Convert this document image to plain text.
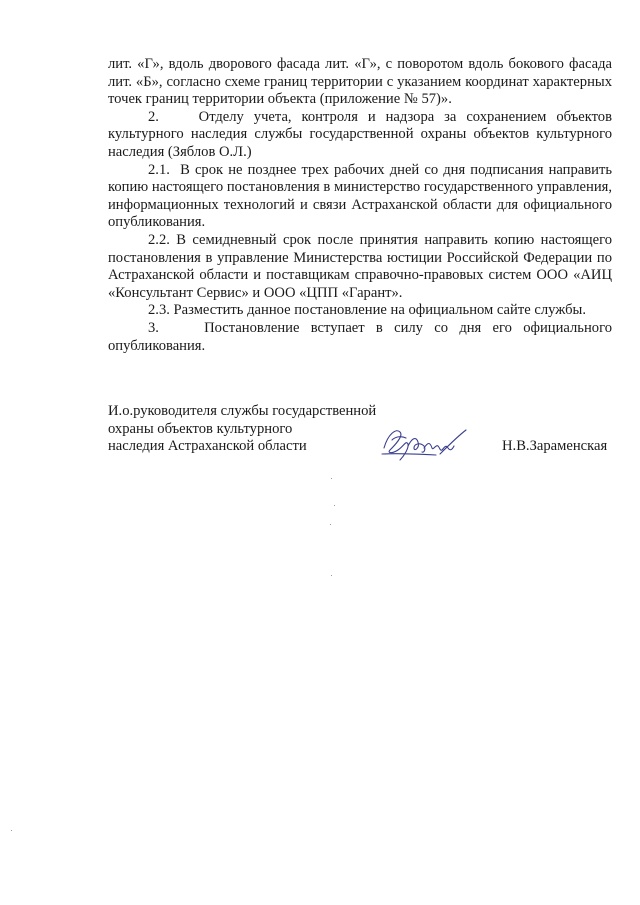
лит. «Г», вдоль дворового фасада лит. «Г», с поворотом вдоль бокового фасада лит. «Б», согласно схеме границ территории с указанием координат характерных точек границ территории объекта (приложение № 57)».

2.    Отделу учета, контроля и надзора за сохранением объектов культурного наследия службы государственной охраны объектов культурного наследия (Зяблов О.Л.)

2.1.  В срок не позднее трех рабочих дней со дня подписания направить копию настоящего постановления в министерство государственного управления, информационных технологий и связи Астраханской области для официального опубликования.

2.2. В семидневный срок после принятия направить копию настоящего постановления в управление Министерства юстиции Российской Федерации по Астраханской области и поставщикам справочно-правовых систем ООО «АИЦ «Консультант Сервис» и ООО «ЦПП «Гарант».

2.3. Разместить данное постановление на официальном сайте службы.

3.    Постановление вступает в силу со дня его официального опубликования.

И.о.руководителя службы государственной
охраны объектов культурного
наследия Астраханской области	Н.В.Зараменская
